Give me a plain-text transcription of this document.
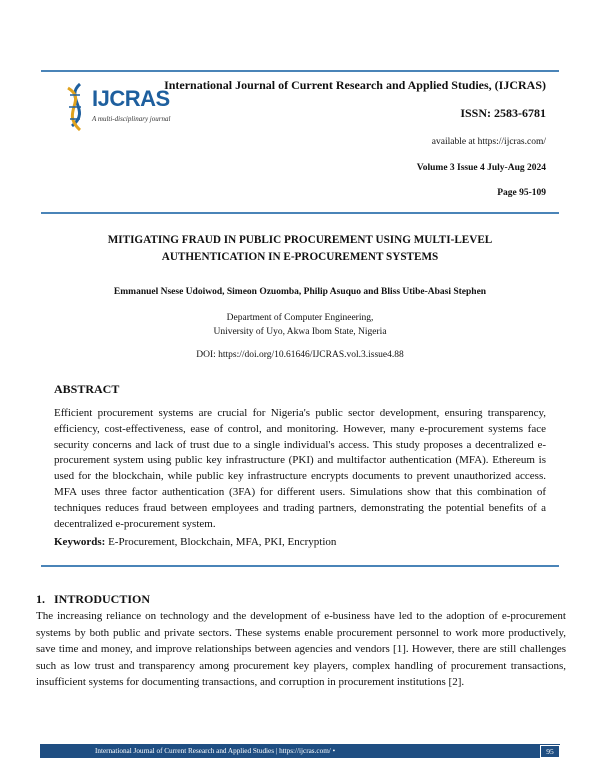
IJCRAS
A multi-disciplinary journal
International Journal of Current Research and Applied Studies, (IJCRAS)
ISSN: 2583-6781
available at https://ijcras.com/
Volume 3 Issue 4 July-Aug 2024
Page 95-109
MITIGATING FRAUD IN PUBLIC PROCUREMENT USING MULTI-LEVEL
AUTHENTICATION IN E-PROCUREMENT SYSTEMS
Emmanuel Nsese Udoiwod, Simeon Ozuomba, Philip Asuquo and Bliss Utibe-Abasi Stephen
Department of Computer Engineering,
University of Uyo, Akwa Ibom State, Nigeria
DOI: https://doi.org/10.61646/IJCRAS.vol.3.issue4.88
ABSTRACT
Efficient procurement systems are crucial for Nigeria's public sector development, ensuring transparency, efficiency, cost-effectiveness, ease of control, and monitoring. However, many e-procurement systems face security concerns and lack of trust due to a single individual's access. This study proposes a decentralized e-procurement system using public key infrastructure (PKI) and multifactor authentication (MFA). Ethereum is used for the blockchain, while public key infrastructure encrypts documents to prevent unauthorized access. MFA uses three factor authentication (3FA) for different users. Simulations show that this combination of techniques reduces fraud between employees and trading partners, demonstrating the potential benefits of a decentralized e-procurement system.
Keywords: E-Procurement, Blockchain, MFA, PKI, Encryption
1.   INTRODUCTION
The increasing reliance on technology and the development of e-business have led to the adoption of e-procurement systems by both public and private sectors. These systems enable procurement personnel to work more productively, save time and money, and improve relationships between agencies and vendors [1]. However, there are still challenges such as low trust and transparency among procurement key players, complex handling of procurement transactions, insufficient systems for documenting transactions, and corruption in procurement institutions [2].
International Journal of Current Research and Applied Studies | https://ijcras.com/ •	95
